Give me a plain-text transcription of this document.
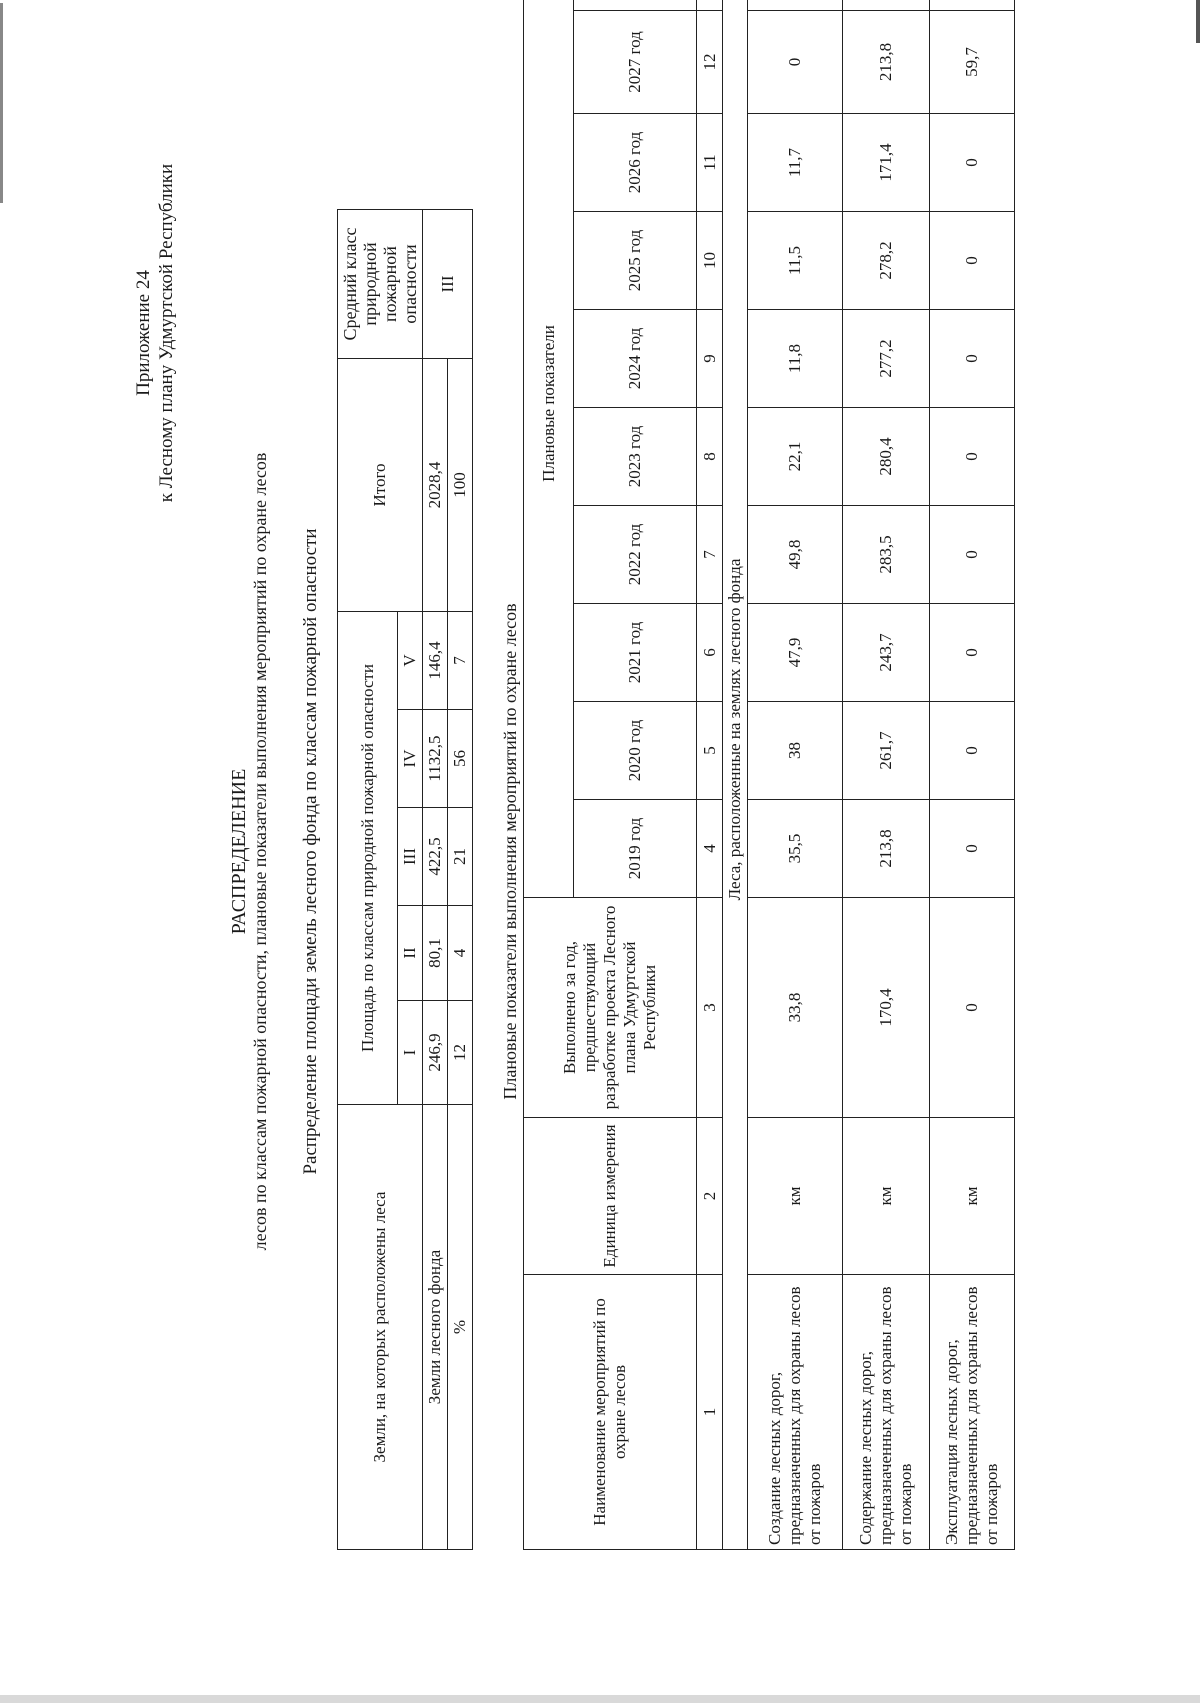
Приложение 24 к Лесному плану Удмуртской Республики
РАСПРЕДЕЛЕНИЕ лесов по классам пожарной опасности, плановые показатели выполнения мероприятий по охране лесов Распределение площади земель лесного фонда по классам пожарной опасности
Земли, на которых расположены леса	Площадь по классам природной пожарной опасности					Итого	Средний класс природной пожарной опасности
	I	II	III	IV	V		
Земли лесного фонда	246,9	80,1	422,5	1132,5	146,4	2028,4	III
%	12	4	21	56	7	100	
Плановые показатели выполнения мероприятий по охране лесов
Наименование мероприятий по охране лесов	Единица измерения	Выполнено за год, предшествующий разработке проекта Лесного плана Удмуртской Республики	Плановые показатели									
			2019 год	2020 год	2021 год	2022 год	2023 год	2024 год	2025 год	2026 год	2027 год	
1	2	3	4	5	6	7	8	9	10	11	12	
Леса, расположенные на землях лесного фонда												
Создание лесных дорог, предназначенных для охраны лесов от пожаров	км	33,8	35,5	38	47,9	49,8	22,1	11,8	11,5	11,7	0	
Содержание лесных дорог, предназначенных для охраны лесов от пожаров	км	170,4	213,8	261,7	243,7	283,5	280,4	277,2	278,2	171,4	213,8	
Эксплуатация лесных дорог, предназначенных для охраны лесов от пожаров	км	0	0	0	0	0	0	0	0	0	59,7	
